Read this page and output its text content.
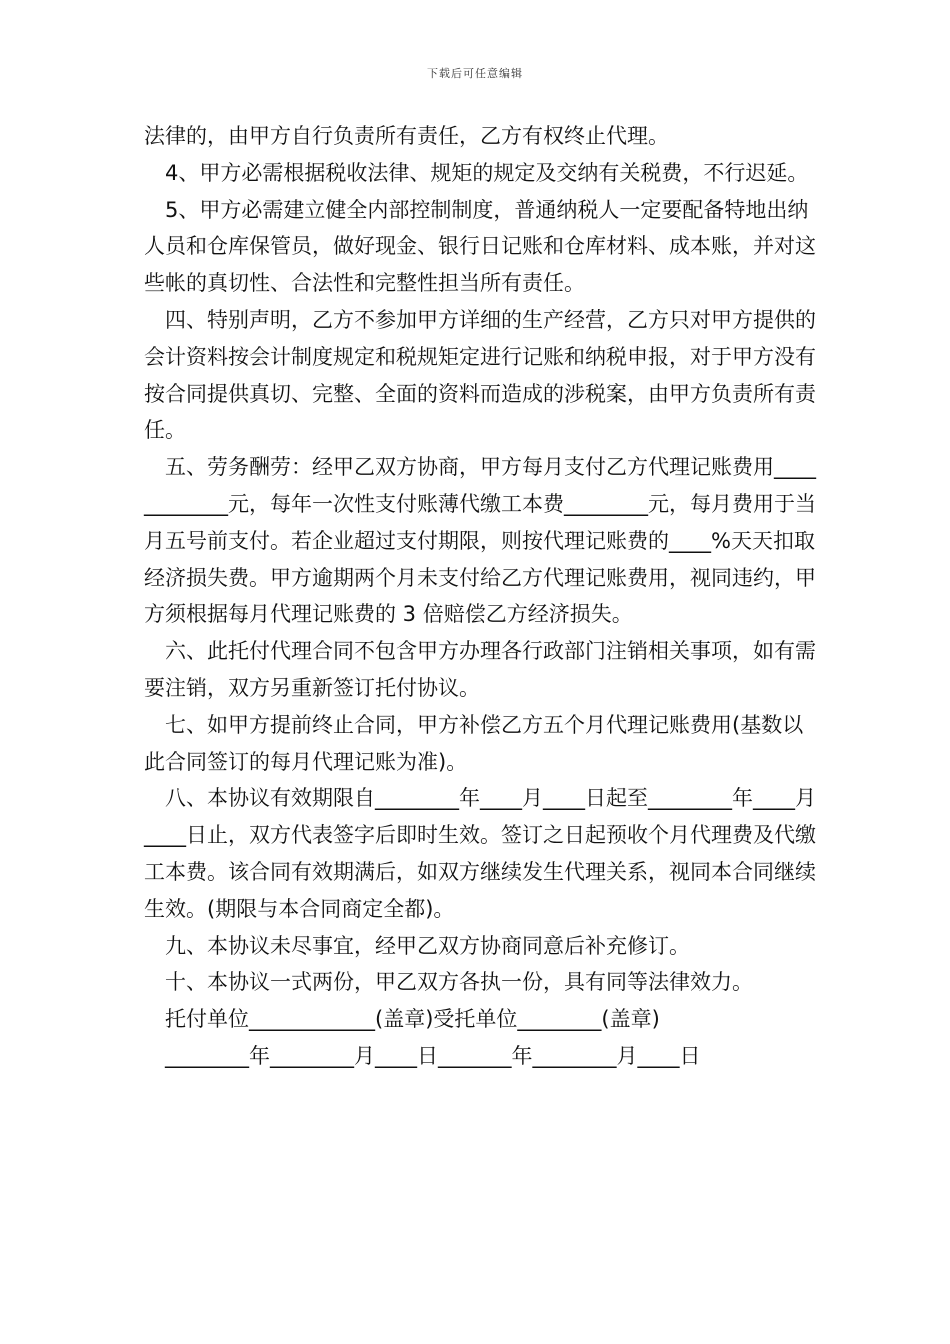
下载后可任意编辑

法律的，由甲方自行负责所有责任，乙方有权终止代理。

4、甲方必需根据税收法律、规矩的规定及交纳有关税费，不行迟延。

5、甲方必需建立健全内部控制制度，普通纳税人一定要配备特地出纳人员和仓库保管员，做好现金、银行日记账和仓库材料、成本账，并对这些帐的真切性、合法性和完整性担当所有责任。

四、特别声明，乙方不参加甲方详细的生产经营，乙方只对甲方提供的会计资料按会计制度规定和税规矩定进行记账和纳税申报，对于甲方没有按合同提供真切、完整、全面的资料而造成的涉税案，由甲方负责所有责任。

五、劳务酬劳：经甲乙双方协商，甲方每月支付乙方代理记账费用____________元，每年一次性支付账薄代缴工本费________元，每月费用于当月五号前支付。若企业超过支付期限，则按代理记账费的____%天天扣取经济损失费。甲方逾期两个月未支付给乙方代理记账费用，视同违约，甲方须根据每月代理记账费的 3 倍赔偿乙方经济损失。

六、此托付代理合同不包含甲方办理各行政部门注销相关事项，如有需要注销，双方另重新签订托付协议。

七、如甲方提前终止合同，甲方补偿乙方五个月代理记账费用(基数以此合同签订的每月代理记账为准)。

八、本协议有效期限自________年____月____日起至________年____月____日止，双方代表签字后即时生效。签订之日起预收个月代理费及代缴工本费。该合同有效期满后，如双方继续发生代理关系，视同本合同继续生效。(期限与本合同商定全都)。

九、本协议未尽事宜，经甲乙双方协商同意后补充修订。

十、本协议一式两份，甲乙双方各执一份，具有同等法律效力。

托付单位____________(盖章)受托单位________(盖章)

________年________月____日_______年________月____日
